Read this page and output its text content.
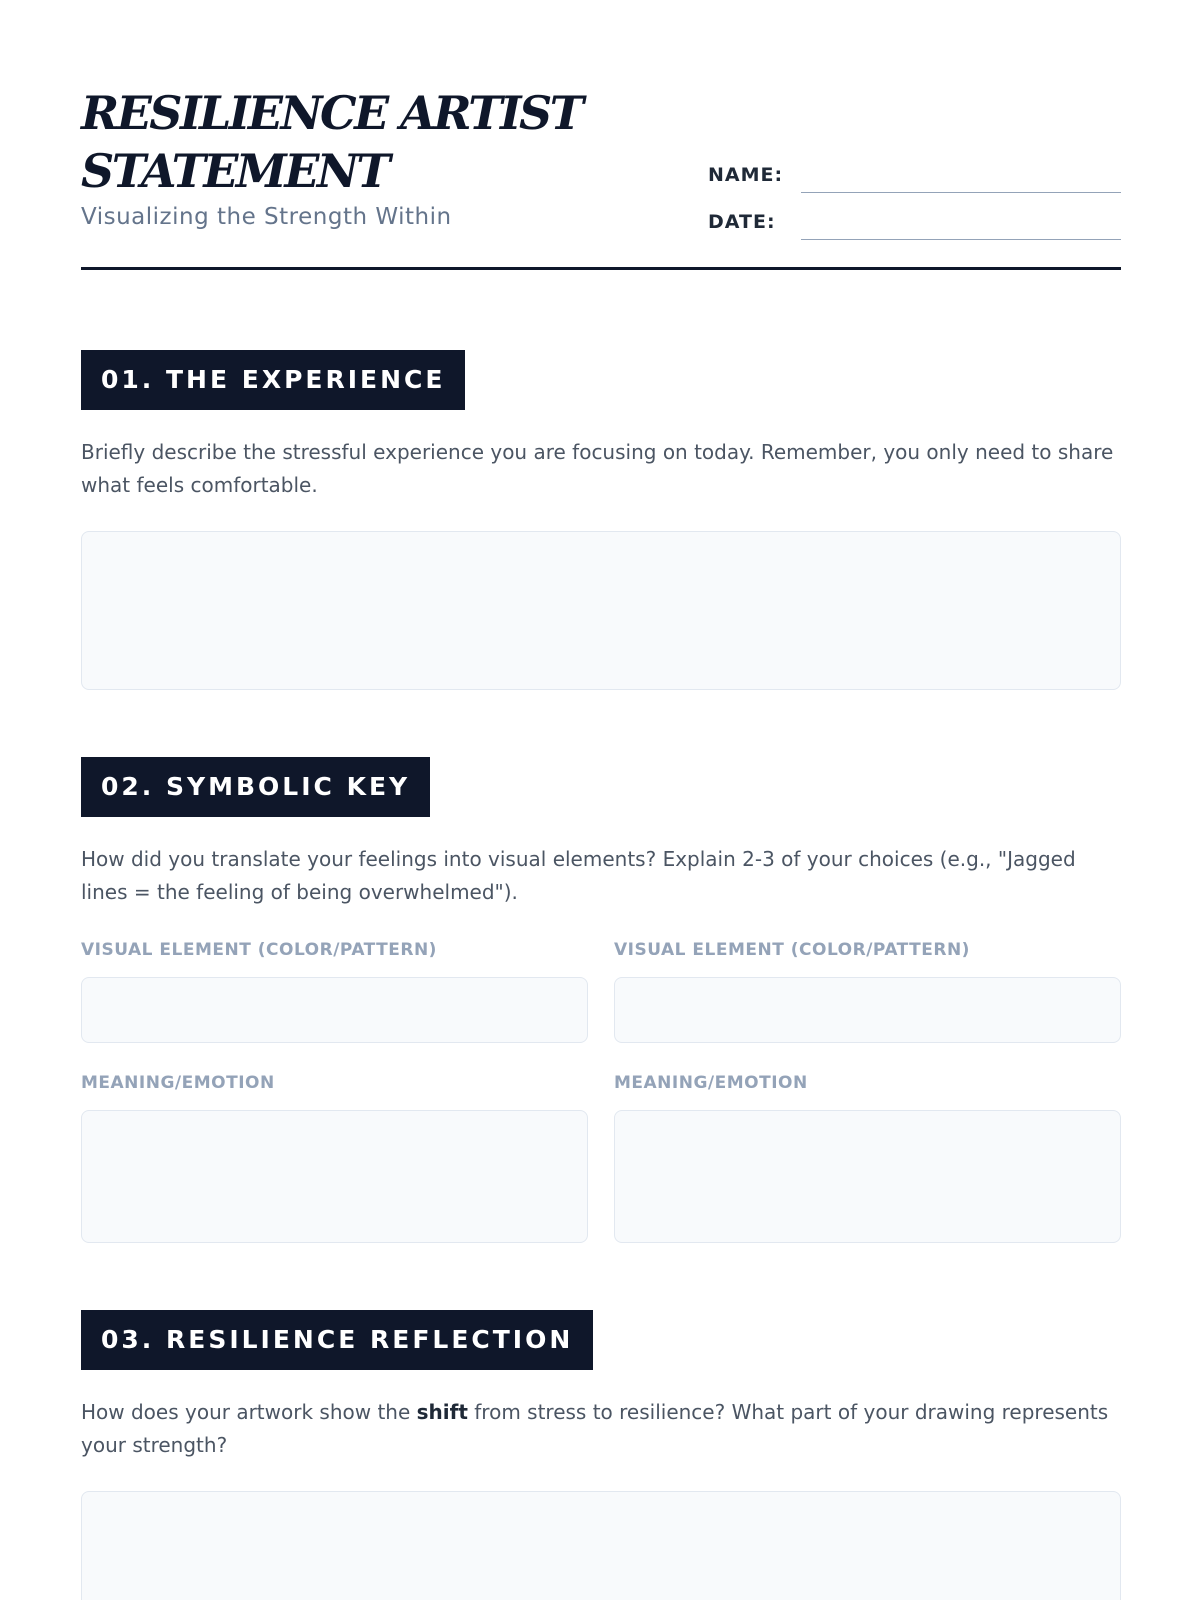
RESILIENCE ARTIST STATEMENT
Visualizing the Strength Within
NAME:
DATE:
01. THE EXPERIENCE

Briefly describe the stressful experience you are focusing on today. Remember, you only need to share what feels comfortable.

02. SYMBOLIC KEY

How did you translate your feelings into visual elements? Explain 2-3 of your choices (e.g., "Jagged lines = the feeling of being overwhelmed").

VISUAL ELEMENT (COLOR/PATTERN)	VISUAL ELEMENT (COLOR/PATTERN)
MEANING/EMOTION	MEANING/EMOTION
03. RESILIENCE REFLECTION

How does your artwork show the shift from stress to resilience? What part of your drawing represents your strength?
